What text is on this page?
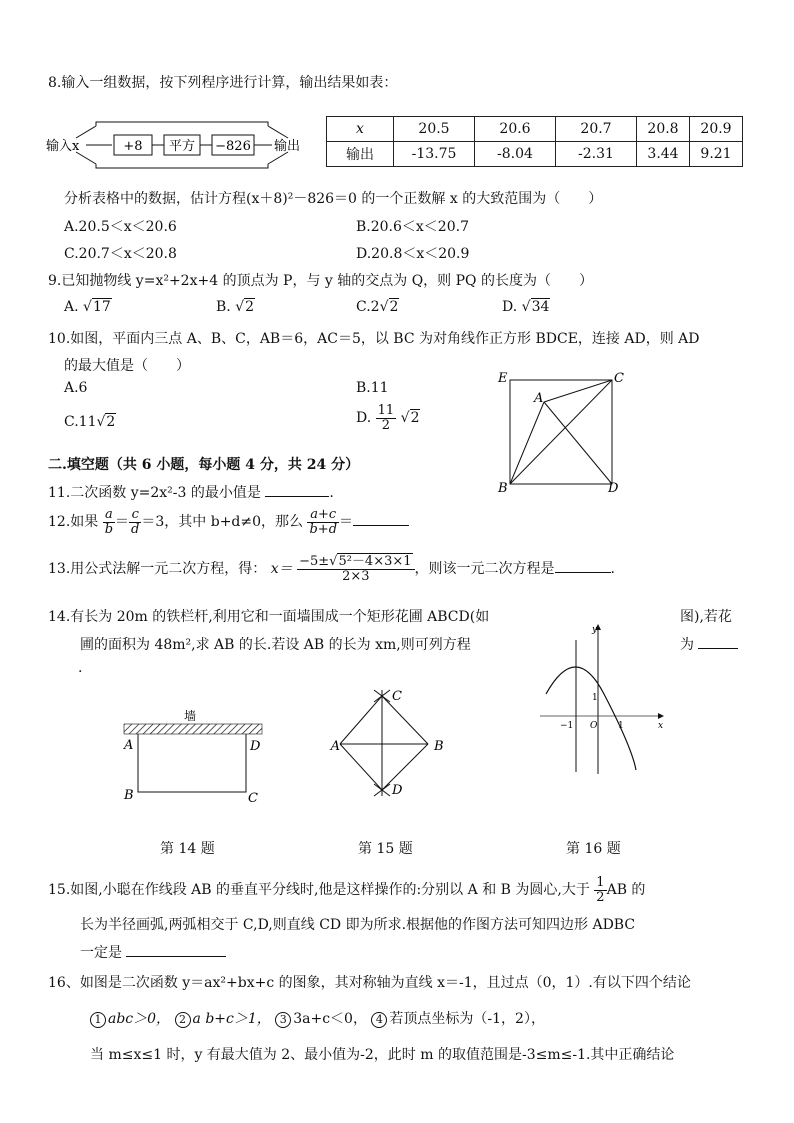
8.输入一组数据，按下列程序进行计算，输出结果如表：
输入x	+8 平方 −826 输出
x	20.5	20.6	20.7	20.8	20.9
输出	-13.75	-8.04	-2.31	3.44	9.21
分析表格中的数据，估计方程(x＋8)²－826＝0 的一个正数解 x 的大致范围为（　　）
A.20.5＜x＜20.6	B.20.6＜x＜20.7
C.20.7＜x＜20.8	D.20.8＜x＜20.9
9.已知抛物线 y=x²+2x+4 的顶点为 P，与 y 轴的交点为 Q，则 PQ 的长度为（　　）
A. √17	B. √2	C.2√2	D. √34
10.如图，平面内三点 A、B、C，AB＝6，AC＝5，以 BC 为对角线作正方形 BDCE，连接 AD，则 AD
的最大值是（　　）
A.6	B.11
C.11√2	D. $\frac{11}{2} √2$
E	C
A
B	D
二.填空题（共 6 小题，每小题 4 分，共 24 分）
11.二次函数 y=2x²-3 的最小值是	.
12.如果 $\frac{a}{b} = \frac{c}{d} =3$，其中 b+d≠0，那么 $\frac{a+c}{b+d}$ ＝
13.用公式法解一元二次方程，得： $x= \frac{\text{−5±√5²－4×3×1}}{2\times 3}$ ，则该一元二次方程是	.
14.有长为 20m 的铁栏杆,利用它和一面墙围成一个矩形花圃 ABCD(如	图),若花
圃的面积为 48m²,求 AB 的长.若设 AB 的长为 xm,则可列方程	为
.
墙
A	D
B	C
A	B
C
D
y
x
1
−1 O 1
第 14 题	第 15 题	第 16 题
15.如图,小聪在作线段 AB 的垂直平分线时,他是这样操作的:分别以 A 和 B 为圆心,大于 $\frac{1}{2}$ AB 的
长为半径画弧,两弧相交于 C,D,则直线 CD 即为所求.根据他的作图方法可知四边形 ADBC
一定是
16、如图是二次函数 y＝ax²+bx+c 的图象，其对称轴为直线 x＝-1，且过点（0，1）.有以下四个结论
1 abc＞0， 2 a b+c＞1， 3 3a+c＜0， 4 若顶点坐标为（-1，2），
当 m≤x≤1 时，y 有最大值为 2、最小值为-2，此时 m 的取值范围是-3≤m≤-1.其中正确结论
